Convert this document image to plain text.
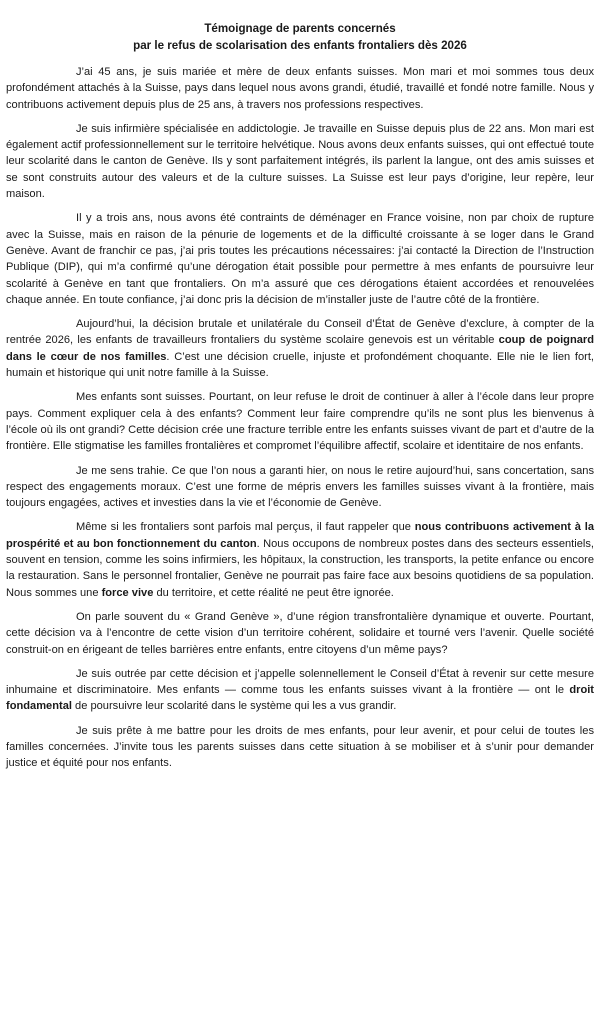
Témoignage de parents concernés
par le refus de scolarisation des enfants frontaliers dès 2026

J’ai 45 ans, je suis mariée et mère de deux enfants suisses. Mon mari et moi sommes tous deux profondément attachés à la Suisse, pays dans lequel nous avons grandi, étudié, travaillé et fondé notre famille. Nous y contribuons activement depuis plus de 25 ans, à travers nos professions respectives.

Je suis infirmière spécialisée en addictologie. Je travaille en Suisse depuis plus de 22 ans. Mon mari est également actif professionnellement sur le territoire helvétique. Nous avons deux enfants suisses, qui ont effectué toute leur scolarité dans le canton de Genève. Ils y sont parfaitement intégrés, ils parlent la langue, ont des amis suisses et se sont construits autour des valeurs et de la culture suisses. La Suisse est leur pays d’origine, leur repère, leur maison.

Il y a trois ans, nous avons été contraints de déménager en France voisine, non par choix de rupture avec la Suisse, mais en raison de la pénurie de logements et de la difficulté croissante à se loger dans le Grand Genève. Avant de franchir ce pas, j’ai pris toutes les précautions nécessaires: j’ai contacté la Direction de l’Instruction Publique (DIP), qui m’a confirmé qu’une dérogation était possible pour permettre à mes enfants de poursuivre leur scolarité à Genève en tant que frontaliers. On m’a assuré que ces dérogations étaient accordées et renouvelées chaque année. En toute confiance, j’ai donc pris la décision de m’installer juste de l’autre côté de la frontière.

Aujourd’hui, la décision brutale et unilatérale du Conseil d’État de Genève d’exclure, à compter de la rentrée 2026, les enfants de travailleurs frontaliers du système scolaire genevois est un véritable coup de poignard dans le cœur de nos familles. C’est une décision cruelle, injuste et profondément choquante. Elle nie le lien fort, humain et historique qui unit notre famille à la Suisse.

Mes enfants sont suisses. Pourtant, on leur refuse le droit de continuer à aller à l’école dans leur propre pays. Comment expliquer cela à des enfants? Comment leur faire comprendre qu’ils ne sont plus les bienvenus à l’école où ils ont grandi? Cette décision crée une fracture terrible entre les enfants suisses vivant de part et d’autre de la frontière. Elle stigmatise les familles frontalières et compromet l’équilibre affectif, scolaire et identitaire de nos enfants.

Je me sens trahie. Ce que l’on nous a garanti hier, on nous le retire aujourd’hui, sans concertation, sans respect des engagements moraux. C’est une forme de mépris envers les familles suisses vivant à la frontière, mais toujours engagées, actives et investies dans la vie et l’économie de Genève.

Même si les frontaliers sont parfois mal perçus, il faut rappeler que nous contribuons activement à la prospérité et au bon fonctionnement du canton. Nous occupons de nombreux postes dans des secteurs essentiels, souvent en tension, comme les soins infirmiers, les hôpitaux, la construction, les transports, la petite enfance ou encore la restauration. Sans le personnel frontalier, Genève ne pourrait pas faire face aux besoins quotidiens de sa population. Nous sommes une force vive du territoire, et cette réalité ne peut être ignorée.

On parle souvent du « Grand Genève », d’une région transfrontalière dynamique et ouverte. Pourtant, cette décision va à l’encontre de cette vision d’un territoire cohérent, solidaire et tourné vers l’avenir. Quelle société construit-on en érigeant de telles barrières entre enfants, entre citoyens d’un même pays?

Je suis outrée par cette décision et j’appelle solennellement le Conseil d’État à revenir sur cette mesure inhumaine et discriminatoire. Mes enfants — comme tous les enfants suisses vivant à la frontière — ont le droit fondamental de poursuivre leur scolarité dans le système qui les a vus grandir.

Je suis prête à me battre pour les droits de mes enfants, pour leur avenir, et pour celui de toutes les familles concernées. J’invite tous les parents suisses dans cette situation à se mobiliser et à s’unir pour demander justice et équité pour nos enfants.
